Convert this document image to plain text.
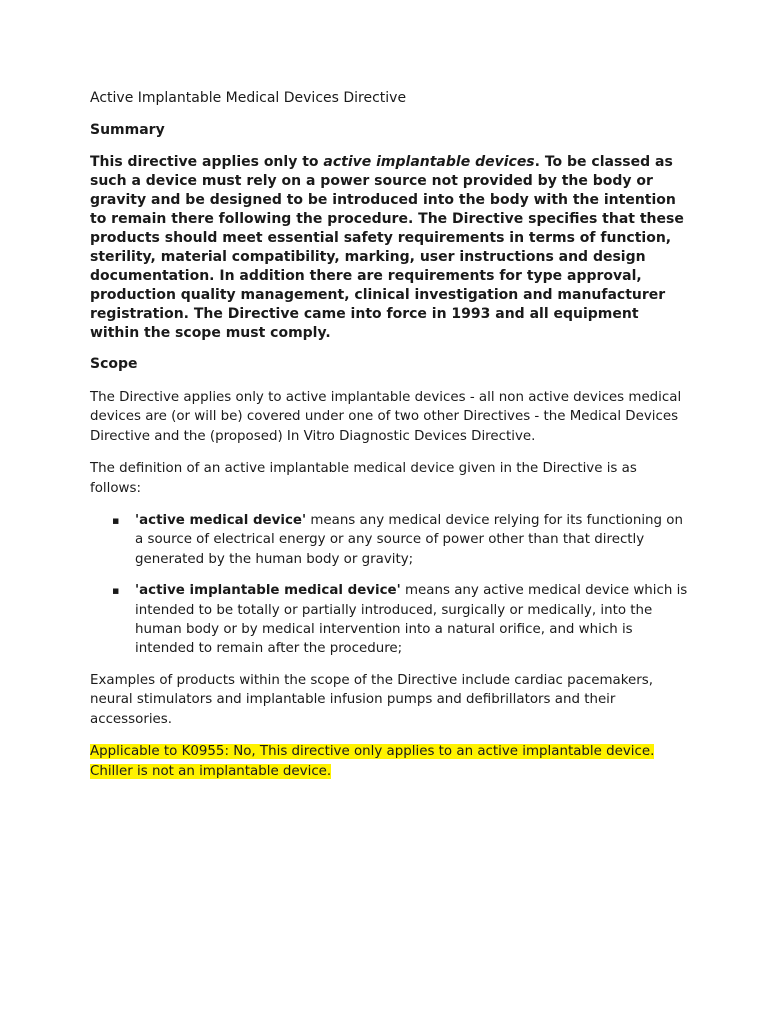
Active Implantable Medical Devices Directive

Summary

This directive applies only to active implantable devices. To be classed as such a device must rely on a power source not provided by the body or gravity and be designed to be introduced into the body with the intention to remain there following the procedure. The Directive specifies that these products should meet essential safety requirements in terms of function, sterility, material compatibility, marking, user instructions and design documentation. In addition there are requirements for type approval, production quality management, clinical investigation and manufacturer registration. The Directive came into force in 1993 and all equipment within the scope must comply.

Scope

The Directive applies only to active implantable devices - all non active devices medical devices are (or will be) covered under one of two other Directives - the Medical Devices Directive and the (proposed) In Vitro Diagnostic Devices Directive.

The definition of an active implantable medical device given in the Directive is as follows:

▪ 'active medical device' means any medical device relying for its functioning on a source of electrical energy or any source of power other than that directly generated by the human body or gravity;
▪ 'active implantable medical device' means any active medical device which is intended to be totally or partially introduced, surgically or medically, into the human body or by medical intervention into a natural orifice, and which is intended to remain after the procedure;

Examples of products within the scope of the Directive include cardiac pacemakers, neural stimulators and implantable infusion pumps and defibrillators and their accessories.

Applicable to K0955: No, This directive only applies to an active implantable device.
Chiller is not an implantable device.
